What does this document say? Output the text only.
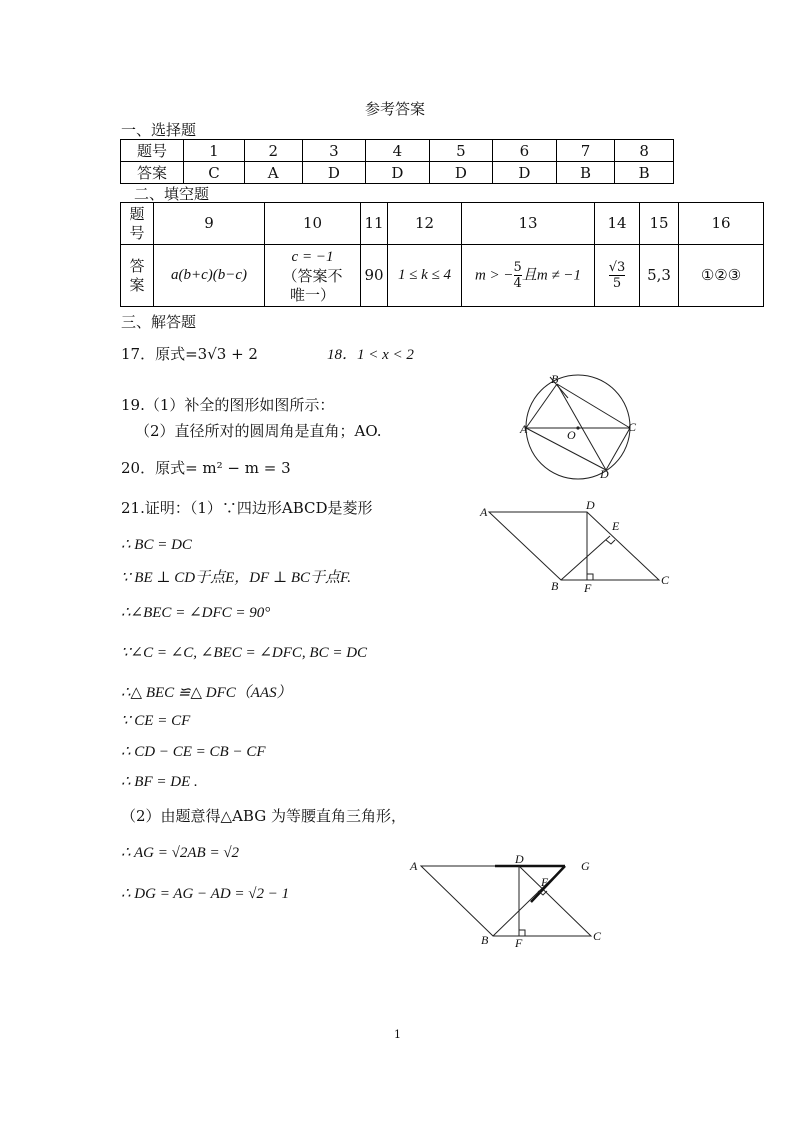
参考答案
一、选择题
题号	1	2	3	4	5	6	7	8
答案	C	A	D	D	D	D	B	B
二、填空题
题
号	9	10	11	12	13	14	15	16
答
案	a(b+c)(b−c)	c = −1
（答案不
唯一）	90	1 ≤ k ≤ 4	m > − $\frac{5}{4}$ 且m ≠ −1	$\frac{√3}{5}$	5,3	①②③
三、解答题
17．原式=3√3 + 2	18．1 < x < 2
19.（1）补全的图形如图所示：
（2）直径所对的圆周角是直角；AO.
20．原式= m² − m = 3
21.证明：（1）∵四边形ABCD是菱形
∴ BC = DC
∵ BE ⊥ CD于点E，DF ⊥ BC于点F.
∴∠BEC = ∠DFC = 90°
∵∠C = ∠C, ∠BEC = ∠DFC, BC = DC
∴△ BEC ≌△ DFC（AAS）
∵ CE = CF
∴ CD − CE = CB − CF
∴ BF = DE .
（2）由题意得△ABG 为等腰直角三角形，
∴ AG = √2AB = √2
∴ DG = AG − AD = √2 − 1
B
A	O
C
D
A	D
E
B F
C
A	D	G
E
B F	C
1
